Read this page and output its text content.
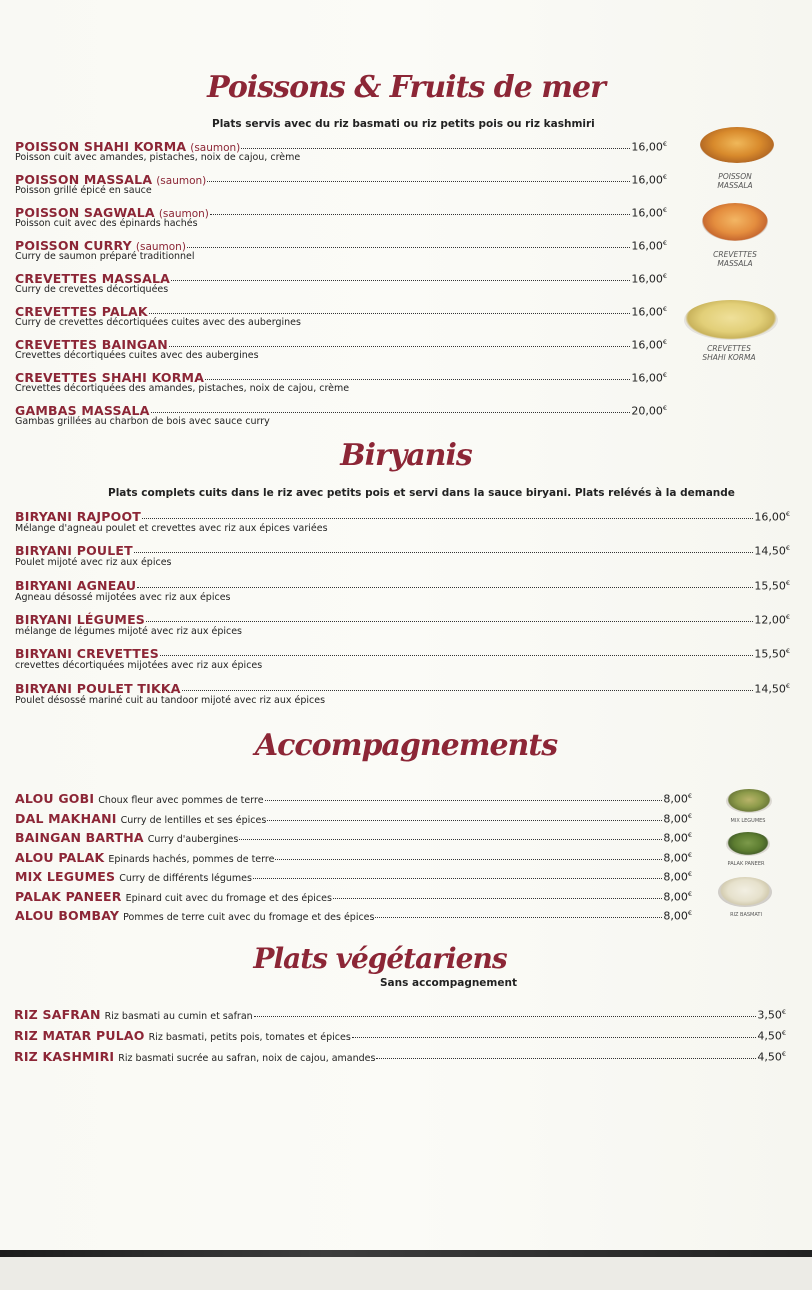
Poissons & Fruits de mer
Plats servis avec du riz basmati ou riz petits pois ou riz kashmiri
POISSON SHAHI KORMA (saumon)	16,00€
Poisson cuit avec amandes, pistaches, noix de cajou, crème
POISSON MASSALA (saumon)	16,00€
Poisson grillé épicé en sauce
POISSON SAGWALA (saumon)	16,00€
Poisson cuit avec des épinards hachés
POISSON CURRY (saumon)	16,00€
Curry de saumon préparé traditionnel
CREVETTES MASSALA	16,00€
Curry de crevettes décortiquées
CREVETTES PALAK	16,00€
Curry de crevettes décortiquées cuites avec des aubergines
CREVETTES BAINGAN	16,00€
Crevettes décortiquées cuites avec des aubergines
CREVETTES SHAHI KORMA	16,00€
Crevettes décortiquées des amandes, pistaches, noix de cajou, crème
GAMBAS MASSALA	20,00€
Gambas grillées au charbon de bois avec sauce curry
POISSON
MASSALA
CREVETTES
MASSALA
CREVETTES
SHAHI KORMA
Biryanis
Plats complets cuits dans le riz avec petits pois et servi dans la sauce biryani. Plats relévés à la demande
BIRYANI RAJPOOT	16,00€
Mélange d'agneau poulet et crevettes avec riz aux épices variées
BIRYANI POULET	14,50€
Poulet mijoté avec riz aux épices
BIRYANI AGNEAU	15,50€
Agneau désossé mijotées avec riz aux épices
BIRYANI LÉGUMES	12,00€
mélange de légumes mijoté avec riz aux épices
BIRYANI CREVETTES	15,50€
crevettes décortiquées mijotées avec riz aux épices
BIRYANI POULET TIKKA	14,50€
Poulet désossé mariné cuit au tandoor mijoté avec riz aux épices
Accompagnements
ALOU GOBI Choux fleur avec pommes de terre	8,00€
DAL MAKHANI Curry de lentilles et ses épices	8,00€
BAINGAN BARTHA Curry d'aubergines	8,00€
ALOU PALAK Epinards hachés, pommes de terre	8,00€
MIX LEGUMES Curry de différents légumes	8,00€
PALAK PANEER Epinard cuit avec du fromage et des épices	8,00€
ALOU BOMBAY Pommes de terre cuit avec du fromage et des épices	8,00€
MIX LEGUMES
PALAK PANEER
RIZ BASMATI
Plats végétariens
Sans accompagnement
RIZ SAFRAN Riz basmati au cumin et safran	3,50€
RIZ MATAR PULAO Riz basmati, petits pois, tomates et épices	4,50€
RIZ KASHMIRI Riz basmati sucrée au safran, noix de cajou, amandes	4,50€
